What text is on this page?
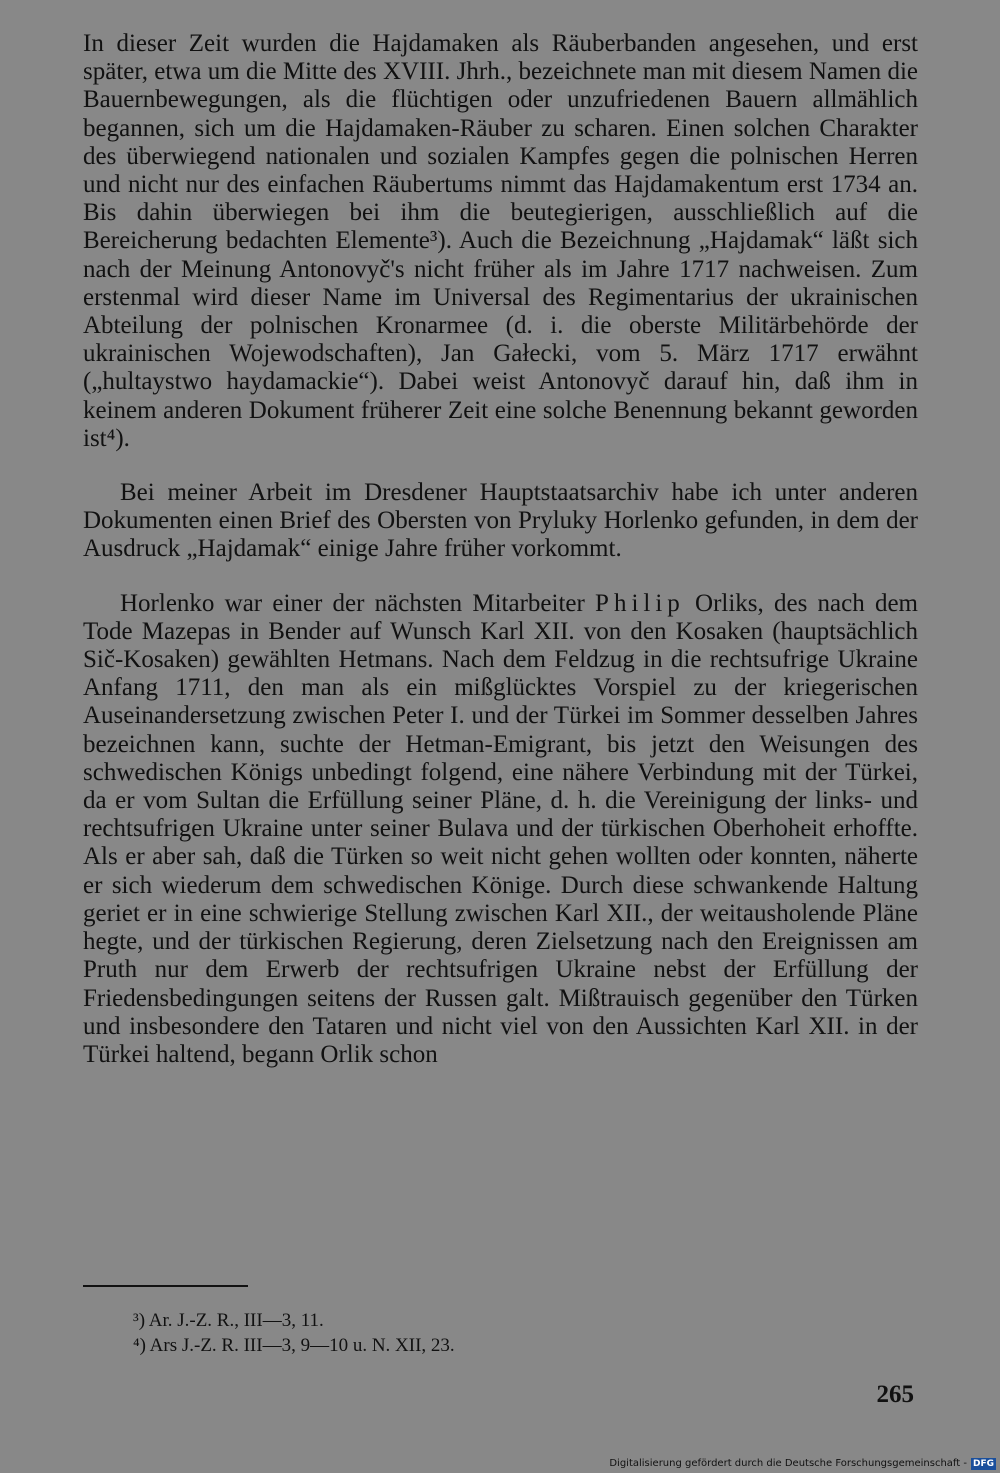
In dieser Zeit wurden die Hajdamaken als Räuberbanden angesehen, und erst später, etwa um die Mitte des XVIII. Jhrh., bezeichnete man mit diesem Namen die Bauernbewegungen, als die flüchtigen oder unzufriedenen Bauern allmählich begannen, sich um die Hajdamaken-Räuber zu scharen. Einen solchen Charakter des überwiegend nationalen und sozialen Kampfes gegen die polnischen Herren und nicht nur des einfachen Räubertums nimmt das Hajdamakentum erst 1734 an. Bis dahin überwiegen bei ihm die beutegierigen, ausschließlich auf die Bereicherung bedachten Elemente³). Auch die Bezeichnung „Hajdamak“ läßt sich nach der Meinung Antonovyč's nicht früher als im Jahre 1717 nachweisen. Zum erstenmal wird dieser Name im Universal des Regimentarius der ukrainischen Abteilung der polnischen Kronarmee (d. i. die oberste Militärbehörde der ukrainischen Wojewodschaften), Jan Gałecki, vom 5. März 1717 erwähnt („hultaystwo haydamackie“). Dabei weist Antonovyč darauf hin, daß ihm in keinem anderen Dokument früherer Zeit eine solche Benennung bekannt geworden ist⁴).

Bei meiner Arbeit im Dresdener Hauptstaatsarchiv habe ich unter anderen Dokumenten einen Brief des Obersten von Pryluky Horlenko gefunden, in dem der Ausdruck „Hajdamak“ einige Jahre früher vorkommt.

Horlenko war einer der nächsten Mitarbeiter Philip Orliks, des nach dem Tode Mazepas in Bender auf Wunsch Karl XII. von den Kosaken (hauptsächlich Sič-Kosaken) gewählten Hetmans. Nach dem Feldzug in die rechtsufrige Ukraine Anfang 1711, den man als ein mißglücktes Vorspiel zu der kriegerischen Auseinandersetzung zwischen Peter I. und der Türkei im Sommer desselben Jahres bezeichnen kann, suchte der Hetman-Emigrant, bis jetzt den Weisungen des schwedischen Königs unbedingt folgend, eine nähere Verbindung mit der Türkei, da er vom Sultan die Erfüllung seiner Pläne, d. h. die Vereinigung der links- und rechtsufrigen Ukraine unter seiner Bulava und der türkischen Oberhoheit erhoffte. Als er aber sah, daß die Türken so weit nicht gehen wollten oder konnten, näherte er sich wiederum dem schwedischen Könige. Durch diese schwankende Haltung geriet er in eine schwierige Stellung zwischen Karl XII., der weitausholende Pläne hegte, und der türkischen Regierung, deren Zielsetzung nach den Ereignissen am Pruth nur dem Erwerb der rechtsufrigen Ukraine nebst der Erfüllung der Friedensbedingungen seitens der Russen galt. Mißtrauisch gegenüber den Türken und insbesondere den Tataren und nicht viel von den Aussichten Karl XII. in der Türkei haltend, begann Orlik schon

³) Ar. J.-Z. R., III—3, 11.
⁴) Ars J.-Z. R. III—3, 9—10 u. N. XII, 23.
265
Digitalisierung gefördert durch die Deutsche Forschungsgemeinschaft - DFG
